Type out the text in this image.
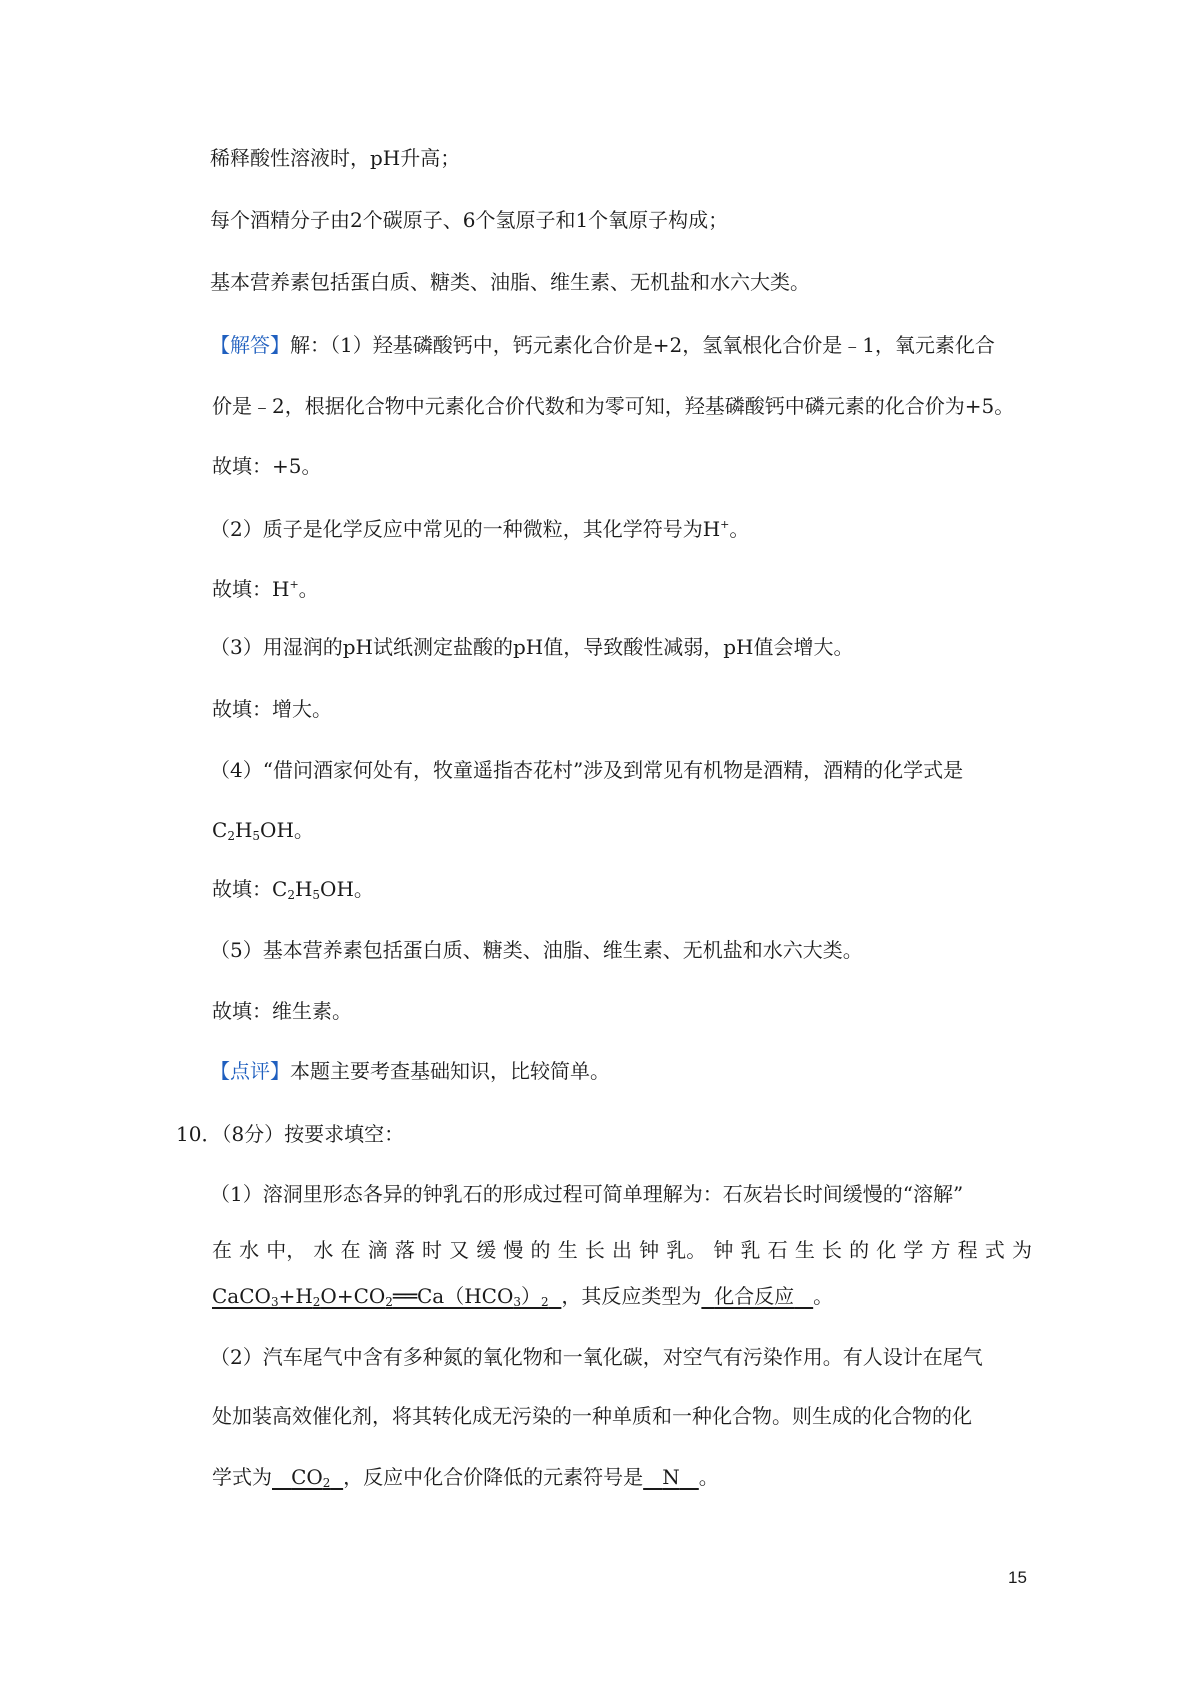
稀释酸性溶液时，pH升高；
每个酒精分子由2个碳原子、6个氢原子和1个氧原子构成；
基本营养素包括蛋白质、糖类、油脂、维生素、无机盐和水六大类。
【解答】解：（1）羟基磷酸钙中，钙元素化合价是+2，氢氧根化合价是﹣1，氧元素化合
价是﹣2，根据化合物中元素化合价代数和为零可知，羟基磷酸钙中磷元素的化合价为+5。
故填：+5。
（2）质子是化学反应中常见的一种微粒，其化学符号为H+。
故填：H+。
（3）用湿润的pH试纸测定盐酸的pH值，导致酸性减弱，pH值会增大。
故填：增大。
（4）“借问酒家何处有，牧童遥指杏花村”涉及到常见有机物是酒精，酒精的化学式是
$C_2H_5OH$。
故填：$C_2H_5OH$。
（5）基本营养素包括蛋白质、糖类、油脂、维生素、无机盐和水六大类。
故填：维生素。
【点评】本题主要考查基础知识，比较简单。
10．（8分）按要求填空：
（1）溶洞里形态各异的钟乳石的形成过程可简单理解为：石灰岩长时间缓慢的“溶解”
在 水 中， 水 在 滴 落 时 又 缓 慢 的 生 长 出 钟 乳。 钟 乳 石 生 长 的 化 学 方 程 式 为
$CaCO_3+H_2O+CO_2══Ca(HCO_3)_2$ ，其反应类型为 化合反应 。
（2）汽车尾气中含有多种氮的氧化物和一氧化碳，对空气有污染作用。有人设计在尾气
处加装高效催化剂，将其转化成无污染的一种单质和一种化合物。则生成的化合物的化
学式为 $CO_2$ ，反应中化合价降低的元素符号是 N 。
15
